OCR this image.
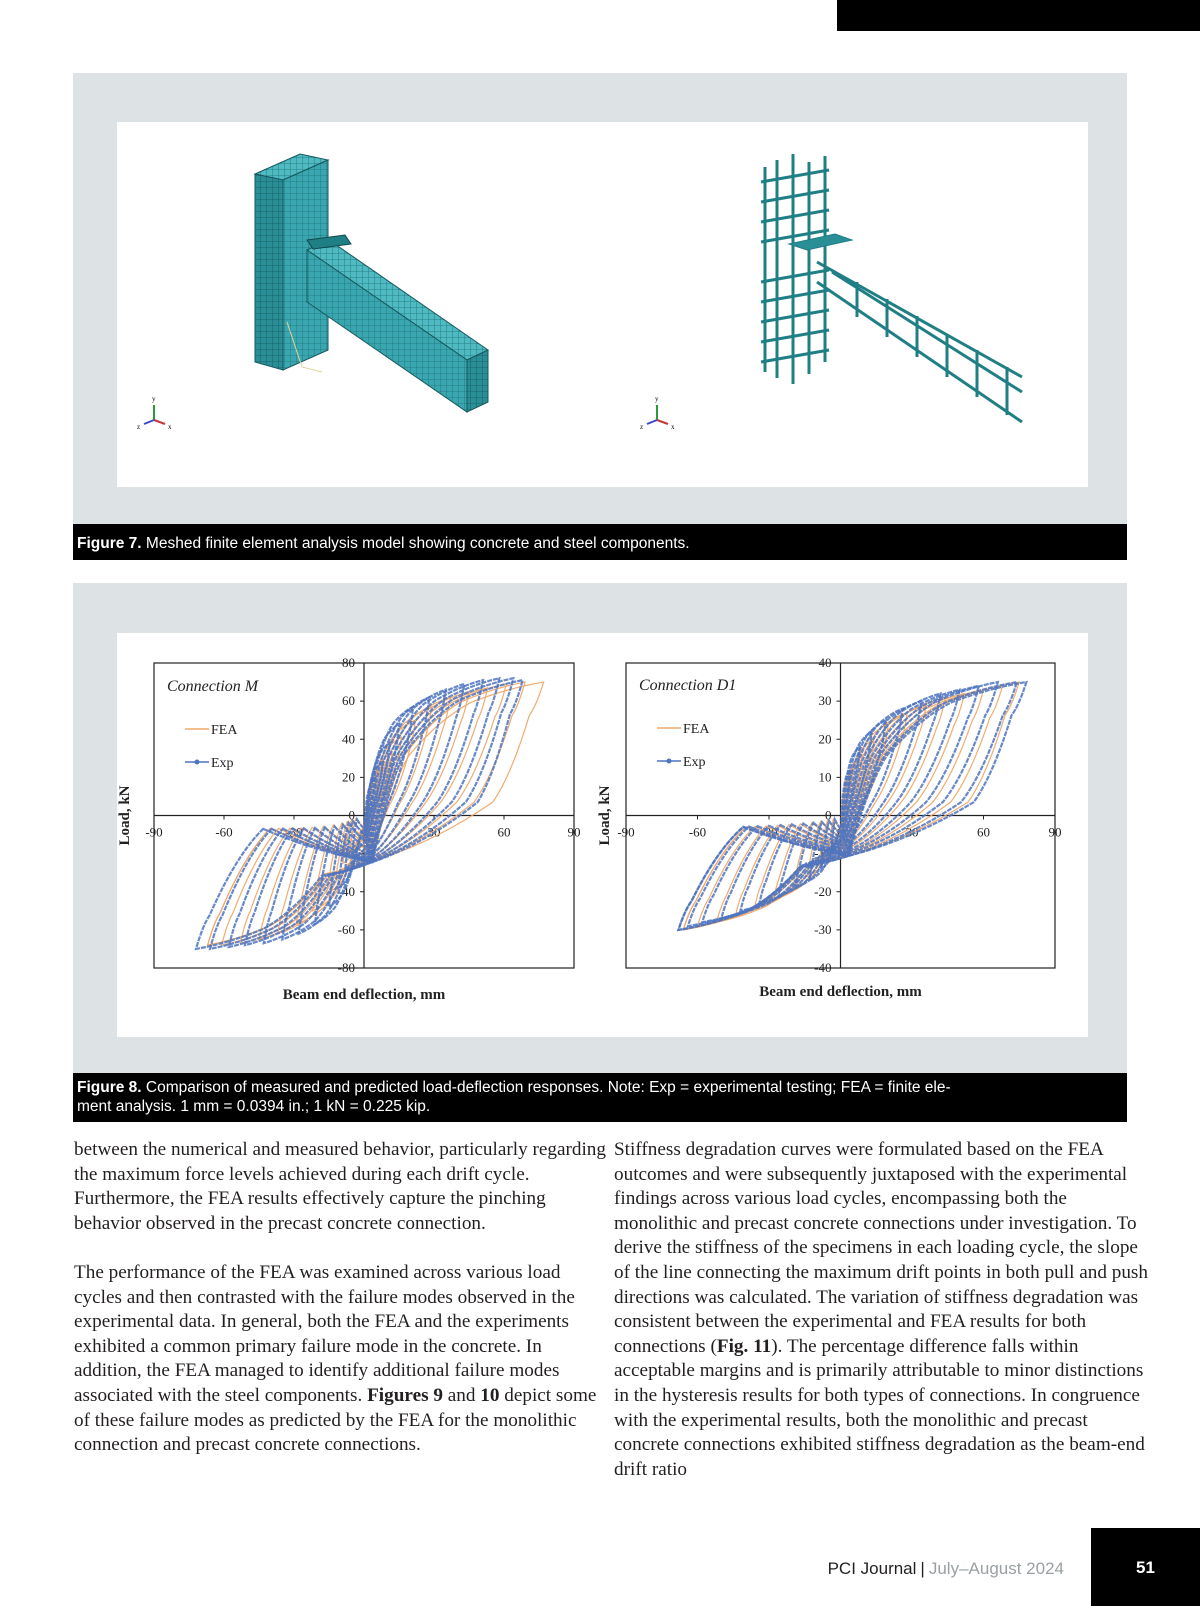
y
z	x
y
z	x
Figure 7. Meshed finite element analysis model showing concrete and steel components.
-90	-60	-30	0	30	60	90
-80
-60
-40
-20
0
20
40
60
80
Connection M
FEA
Exp
Load, kN
Beam end deflection, mm
-90	-60	-30	0	30	60	90
-40
-30
-20
-10
0
10
20
30
40
Connection D1
FEA
Exp
Load, kN
Beam end deflection, mm
Figure 8. Comparison of measured and predicted load-deflection responses. Note: Exp = experimental testing; FEA = finite ele-
ment analysis. 1 mm = 0.0394 in.; 1 kN = 0.225 kip.

between the numerical and measured behavior, particularly regarding the maximum force levels achieved during each drift cycle. Furthermore, the FEA results effectively capture the pinching behavior observed in the precast concrete connection.

The performance of the FEA was examined across various load cycles and then contrasted with the failure modes observed in the experimental data. In general, both the FEA and the experiments exhibited a common primary failure mode in the concrete. In addition, the FEA managed to identify additional failure modes associated with the steel components. Figures 9 and 10 depict some of these failure modes as predicted by the FEA for the monolithic connection and precast concrete connections.

Stiffness degradation curves were formulated based on the FEA outcomes and were subsequently juxtaposed with the experimental findings across various load cycles, encompassing both the monolithic and precast concrete connections under investigation. To derive the stiffness of the specimens in each loading cycle, the slope of the line connecting the maximum drift points in both pull and push directions was calculated. The variation of stiffness degradation was consistent between the experimental and FEA results for both connections (Fig. 11). The percentage difference falls within acceptable margins and is primarily attributable to minor distinctions in the hysteresis results for both types of connections. In congruence with the experimental results, both the monolithic and precast concrete connections exhibited stiffness degradation as the beam-end drift ratio

PCI Journal | July–August 2024	51
